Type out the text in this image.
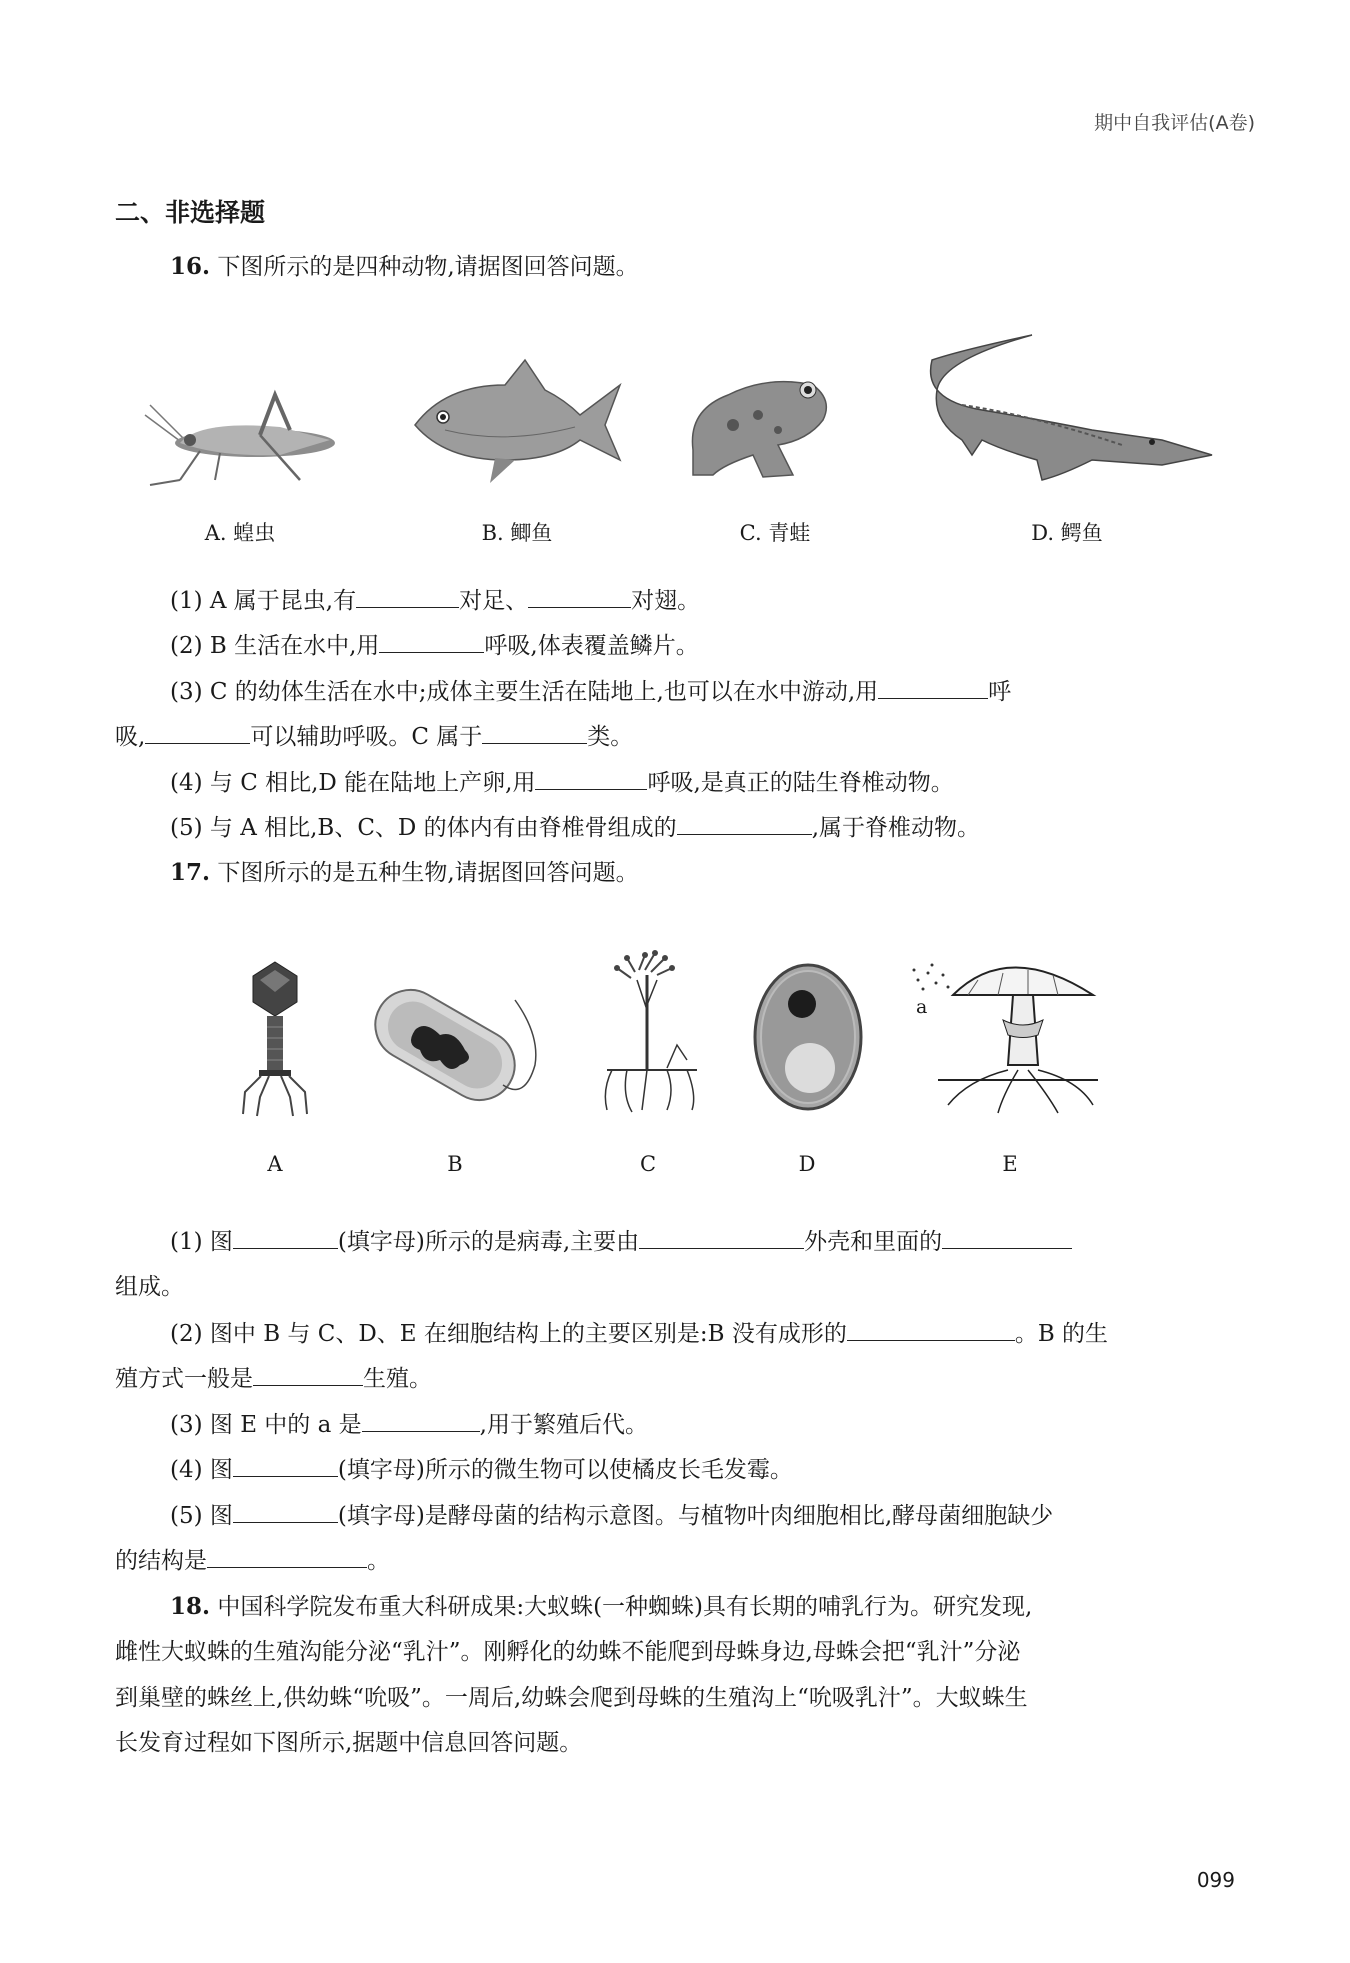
期中自我评估(A卷)
二、非选择题
16. 下图所示的是四种动物,请据图回答问题。
A. 蝗虫	B. 鲫鱼	C. 青蛙	D. 鳄鱼
(1) A 属于昆虫,有	对足、	对翅。
(2) B 生活在水中,用	呼吸,体表覆盖鳞片。
(3) C 的幼体生活在水中;成体主要生活在陆地上,也可以在水中游动,用	呼
吸,	可以辅助呼吸。C 属于	类。
(4) 与 C 相比,D 能在陆地上产卵,用	呼吸,是真正的陆生脊椎动物。
(5) 与 A 相比,B、C、D 的体内有由脊椎骨组成的	,属于脊椎动物。
17. 下图所示的是五种生物,请据图回答问题。
a
A	B	C	D	E
(1) 图	(填字母)所示的是病毒,主要由	外壳和里面的
组成。
(2) 图中 B 与 C、D、E 在细胞结构上的主要区别是:B 没有成形的	。B 的生
殖方式一般是	生殖。
(3) 图 E 中的 a 是	,用于繁殖后代。
(4) 图	(填字母)所示的微生物可以使橘皮长毛发霉。
(5) 图	(填字母)是酵母菌的结构示意图。与植物叶肉细胞相比,酵母菌细胞缺少
的结构是	。
18. 中国科学院发布重大科研成果:大蚁蛛(一种蜘蛛)具有长期的哺乳行为。研究发现,
雌性大蚁蛛的生殖沟能分泌“乳汁”。刚孵化的幼蛛不能爬到母蛛身边,母蛛会把“乳汁”分泌
到巢壁的蛛丝上,供幼蛛“吮吸”。一周后,幼蛛会爬到母蛛的生殖沟上“吮吸乳汁”。大蚁蛛生
长发育过程如下图所示,据题中信息回答问题。
099
